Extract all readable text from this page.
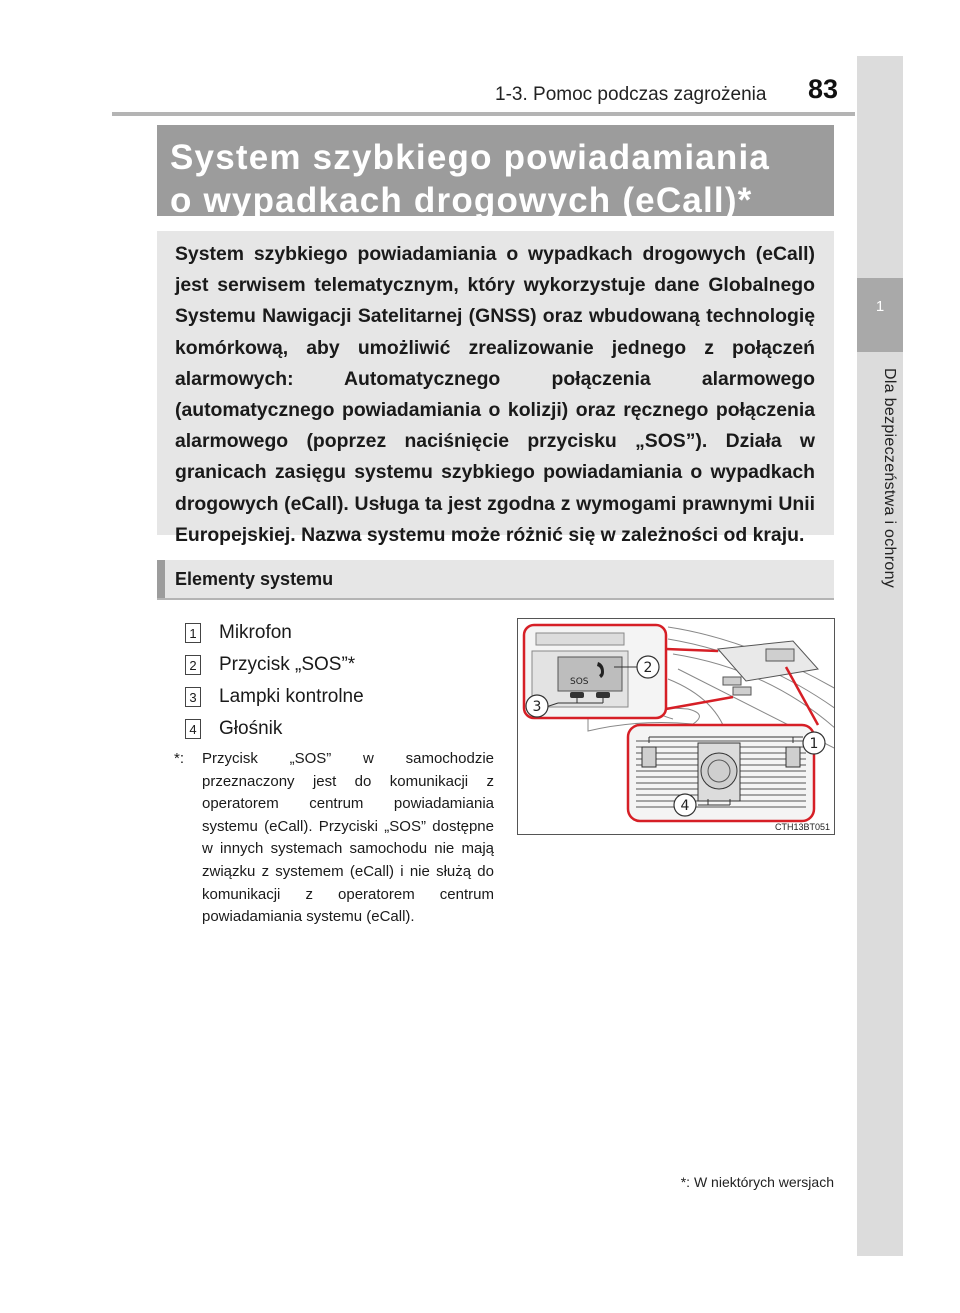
1-3. Pomoc podczas zagrożenia 83
1
Dla bezpieczeństwa i ochrony
System szybkiego powiadamiania
o wypadkach drogowych (eCall)*

System szybkiego powiadamiania o wypadkach drogowych (eCall) jest serwisem telematycznym, który wykorzystuje dane Globalnego Systemu Nawigacji Satelitarnej (GNSS) oraz wbudowaną technologię komórkową, aby umożliwić zrealizowanie jednego z połączeń alarmowych: Automatycznego połączenia alarmowego (automatycznego powiadamiania o kolizji) oraz ręcznego połączenia alarmowego (poprzez naciśnięcie przycisku „SOS”). Działa w granicach zasięgu systemu szybkiego powiadamiania o wypadkach drogowych (eCall). Usługa ta jest zgodna z wymogami prawnymi Unii Europejskiej. Nazwa systemu może różnić się w zależności od kraju.

Elementy systemu
1 Mikrofon
2 Przycisk „SOS”*
3 Lampki kontrolne
4 Głośnik
*: Przycisk „SOS” w samochodzie przeznaczony jest do komunikacji z operatorem centrum powiadamiania systemu (eCall). Przyciski „SOS” dostępne w innych systemach samochodu nie mają związku z systemem (eCall) i nie służą do komunikacji z operatorem centrum powiadamiania systemu (eCall).
SOS
2
3
1
4
CTH13BT051
*: W niektórych wersjach
